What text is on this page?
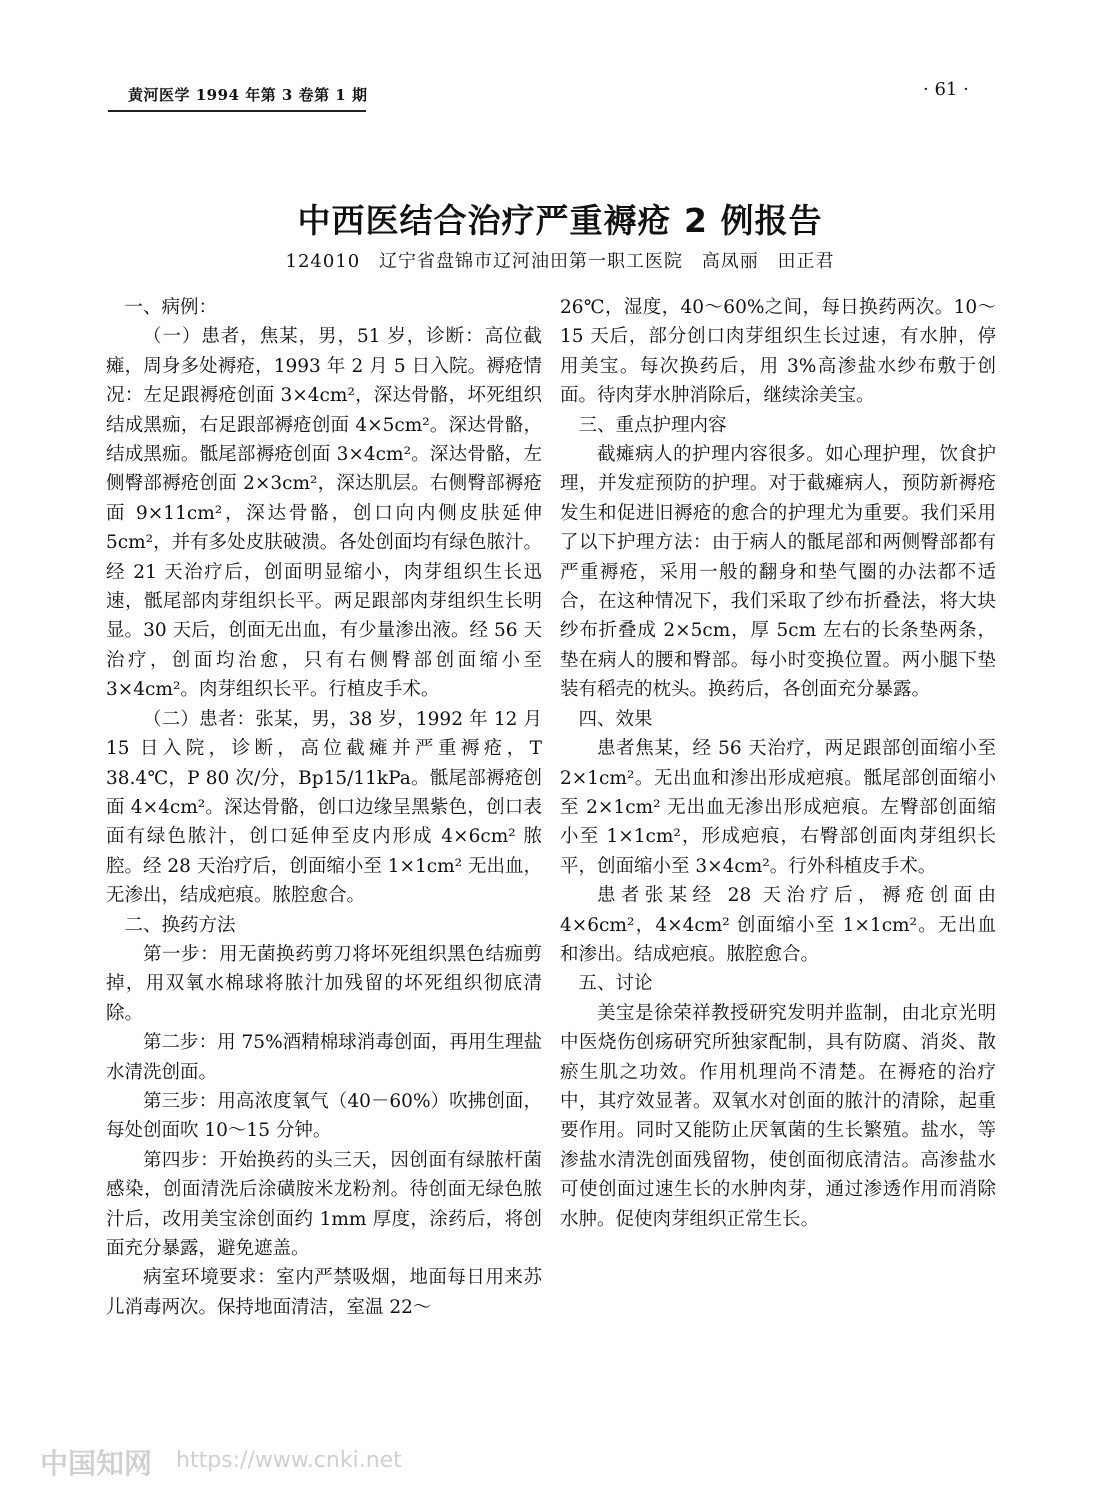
黄河医学 1994 年第 3 卷第 1 期	· 61 ·
中西医结合治疗严重褥疮 2 例报告
124010 辽宁省盘锦市辽河油田第一职工医院 高凤丽 田正君
一、病例：

（一）患者，焦某，男，51 岁，诊断：高位截瘫，周身多处褥疮，1993 年 2 月 5 日入院。褥疮情况：左足跟褥疮创面 3×4cm²，深达骨骼，坏死组织结成黑痂，右足跟部褥疮创面 4×5cm²。深达骨骼，结成黑痂。骶尾部褥疮创面 3×4cm²。深达骨骼，左侧臀部褥疮创面 2×3cm²，深达肌层。右侧臀部褥疮面 9×11cm²，深达骨骼，创口向内侧皮肤延伸 5cm²，并有多处皮肤破溃。各处创面均有绿色脓汁。经 21 天治疗后，创面明显缩小，肉芽组织生长迅速，骶尾部肉芽组织长平。两足跟部肉芽组织生长明显。30 天后，创面无出血，有少量渗出液。经 56 天治疗，创面均治愈，只有右侧臀部创面缩小至 3×4cm²。肉芽组织长平。行植皮手术。

（二）患者：张某，男，38 岁，1992 年 12 月 15 日入院，诊断，高位截瘫并严重褥疮，T 38.4℃，P 80 次/分，Bp15/11kPa。骶尾部褥疮创面 4×4cm²。深达骨骼，创口边缘呈黑紫色，创口表面有绿色脓汁，创口延伸至皮内形成 4×6cm² 脓腔。经 28 天治疗后，创面缩小至 1×1cm² 无出血，无渗出，结成疤痕。脓腔愈合。

二、换药方法

第一步：用无菌换药剪刀将坏死组织黑色结痂剪掉，用双氧水棉球将脓汁加残留的坏死组织彻底清除。

第二步：用 75%酒精棉球消毒创面，再用生理盐水清洗创面。

第三步：用高浓度氧气（40－60%）吹拂创面，每处创面吹 10～15 分钟。

第四步：开始换药的头三天，因创面有绿脓杆菌感染，创面清洗后涂磺胺米龙粉剂。待创面无绿色脓汁后，改用美宝涂创面约 1mm 厚度，涂药后，将创面充分暴露，避免遮盖。

病室环境要求：室内严禁吸烟，地面每日用来苏儿消毒两次。保持地面清洁，室温 22～

26℃，湿度，40～60%之间，每日换药两次。10～15 天后，部分创口肉芽组织生长过速，有水肿，停用美宝。每次换药后，用 3%高渗盐水纱布敷于创面。待肉芽水肿消除后，继续涂美宝。

三、重点护理内容

截瘫病人的护理内容很多。如心理护理，饮食护理，并发症预防的护理。对于截瘫病人，预防新褥疮发生和促进旧褥疮的愈合的护理尤为重要。我们采用了以下护理方法：由于病人的骶尾部和两侧臀部都有严重褥疮，采用一般的翻身和垫气圈的办法都不适合，在这种情况下，我们采取了纱布折叠法，将大块纱布折叠成 2×5cm，厚 5cm 左右的长条垫两条，垫在病人的腰和臀部。每小时变换位置。两小腿下垫装有稻壳的枕头。换药后，各创面充分暴露。

四、效果

患者焦某，经 56 天治疗，两足跟部创面缩小至 2×1cm²。无出血和渗出形成疤痕。骶尾部创面缩小至 2×1cm² 无出血无渗出形成疤痕。左臀部创面缩小至 1×1cm²，形成疤痕，右臀部创面肉芽组织长平，创面缩小至 3×4cm²。行外科植皮手术。

患者张某经 28 天治疗后，褥疮创面由 4×6cm²，4×4cm² 创面缩小至 1×1cm²。无出血和渗出。结成疤痕。脓腔愈合。

五、讨论

美宝是徐荣祥教授研究发明并监制，由北京光明中医烧伤创疡研究所独家配制，具有防腐、消炎、散瘀生肌之功效。作用机理尚不清楚。在褥疮的治疗中，其疗效显著。双氧水对创面的脓汁的清除，起重要作用。同时又能防止厌氧菌的生长繁殖。盐水，等渗盐水清洗创面残留物，使创面彻底清洁。高渗盐水可使创面过速生长的水肿肉芽，通过渗透作用而消除水肿。促使肉芽组织正常生长。

中国知网 https://www.cnki.net
